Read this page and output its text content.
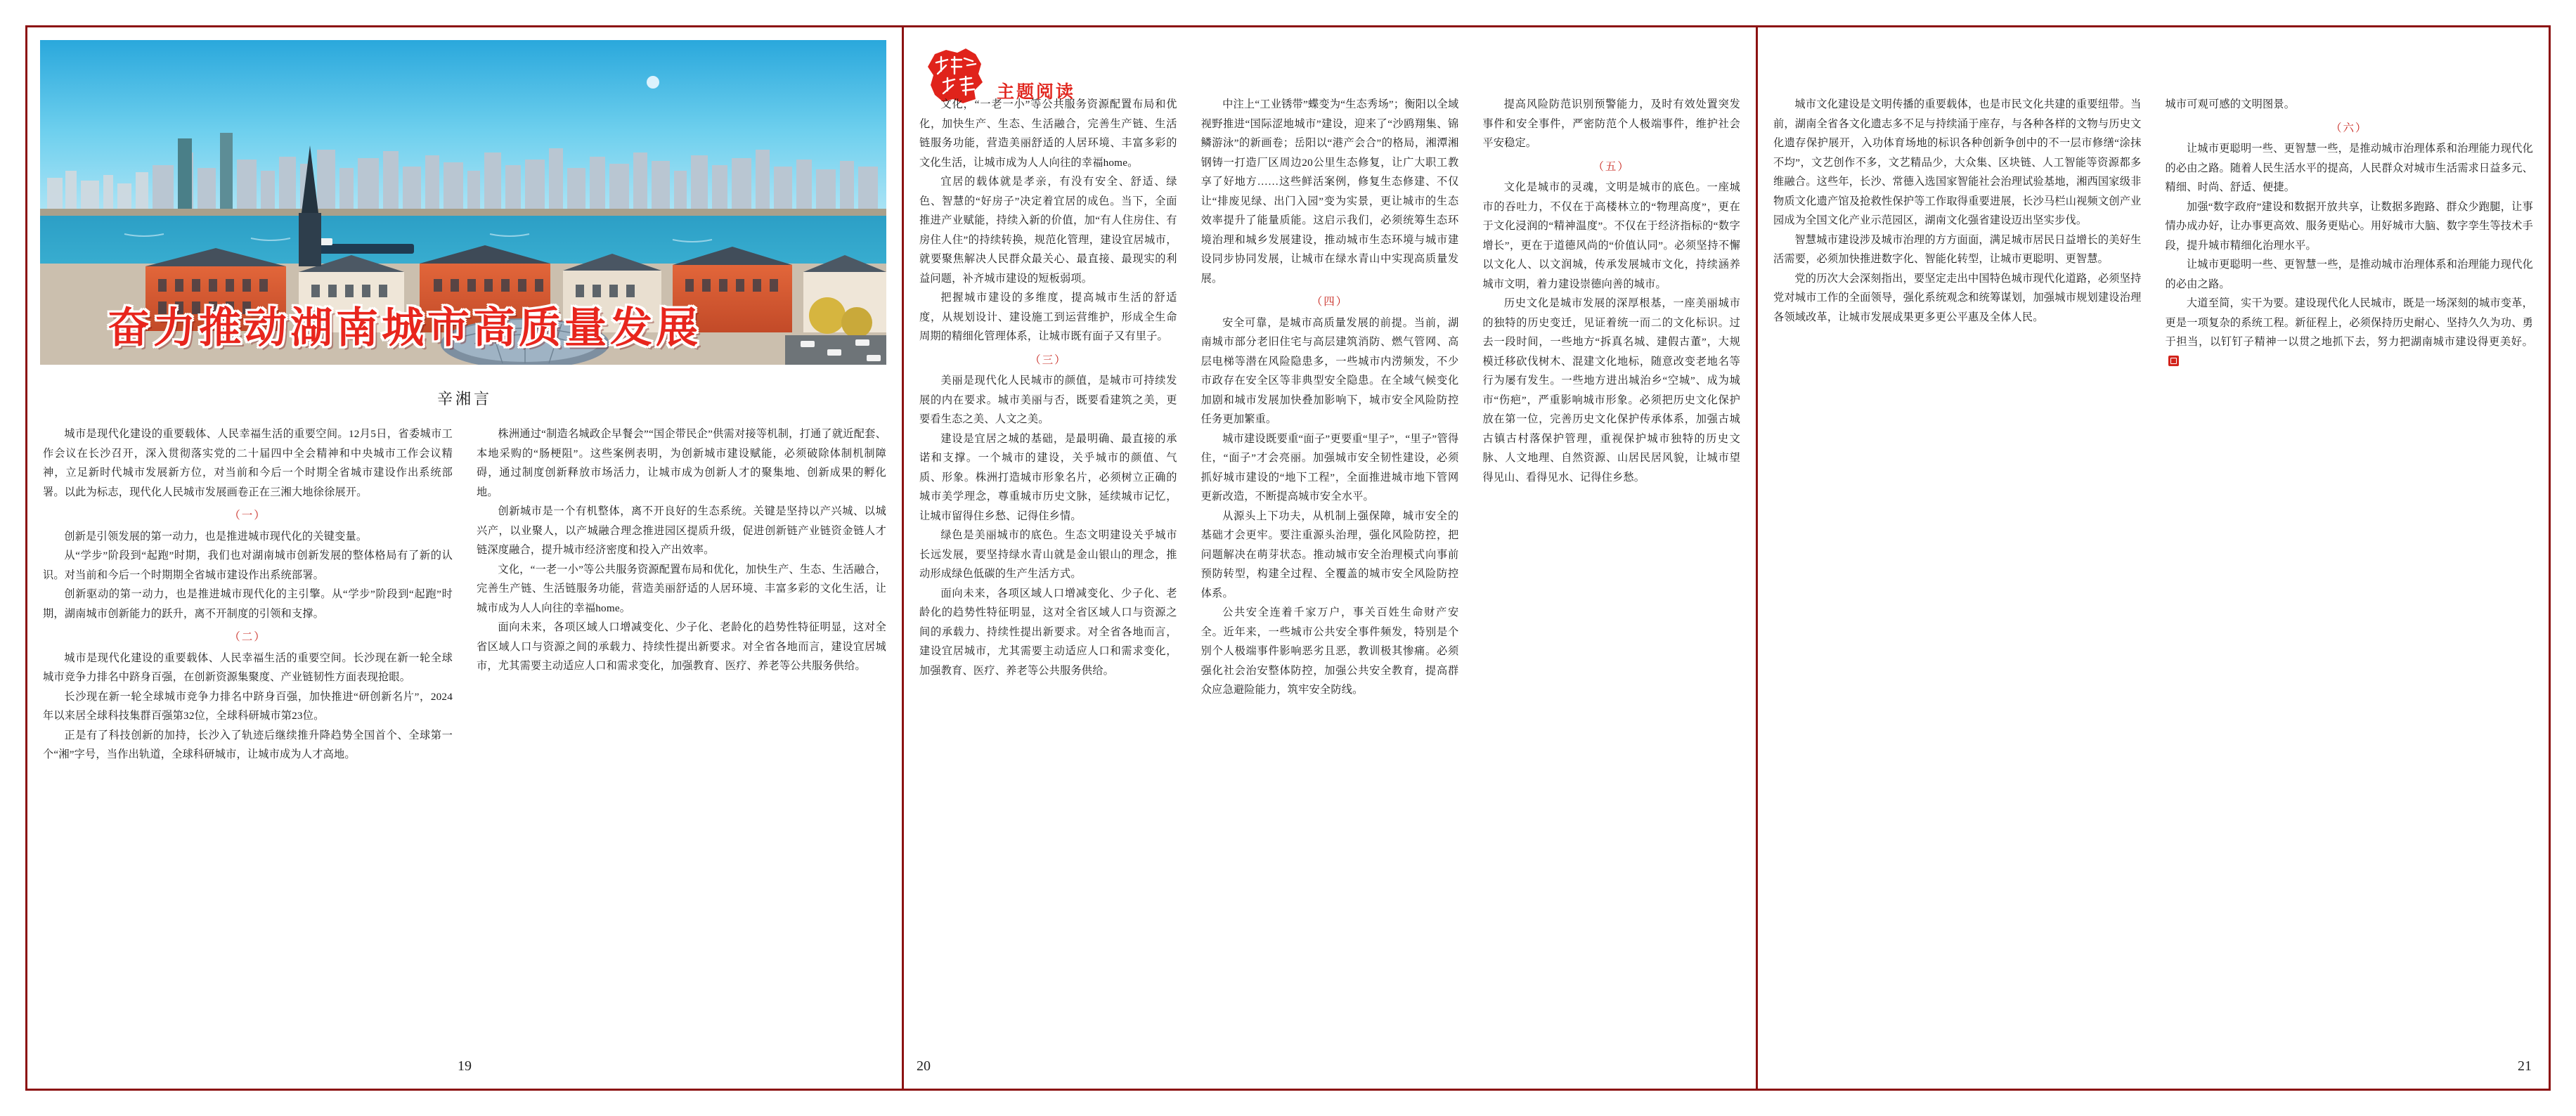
奋力推动湖南城市高质量发展
辛湘言

城市是现代化建设的重要载体、人民幸福生活的重要空间。12月5日，省委城市工作会议在长沙召开，深入贯彻落实党的二十届四中全会精神和中央城市工作会议精神，立足新时代城市发展新方位，对当前和今后一个时期全省城市建设作出系统部署。以此为标志，现代化人民城市发展画卷正在三湘大地徐徐展开。

（一）

创新是引领发展的第一动力，也是推进城市现代化的关键变量。

从“学步”阶段到“起跑”时期，我们也对湖南城市创新发展的整体格局有了新的认识。对当前和今后一个时期期全省城市建设作出系统部署。

创新驱动的第一动力，也是推进城市现代化的主引擎。从“学步”阶段到“起跑”时期，湖南城市创新能力的跃升，离不开制度的引领和支撑。

（二）

城市是现代化建设的重要载体、人民幸福生活的重要空间。长沙现在新一轮全球城市竞争力排名中跻身百强，在创新资源集聚度、产业链韧性方面表现抢眼。

长沙现在新一轮全球城市竞争力排名中跻身百强，加快推进“研创新名片”，2024年以来居全球科技集群百强第32位，全球科研城市第23位。

正是有了科技创新的加持，长沙入了轨迹后继续推升降趋势全国首个、全球第一个“湘”字号，当作出轨道，全球科研城市，让城市成为人才高地。

株洲通过“制造名城政企早餐会”“国企带民企”供需对接等机制，打通了就近配套、本地采购的“肠梗阻”。这些案例表明，为创新城市建设赋能，必须破除体制机制障碍，通过制度创新释放市场活力，让城市成为创新人才的聚集地、创新成果的孵化地。

创新城市是一个有机整体，离不开良好的生态系统。关键是坚持以产兴城、以城兴产，以业聚人，以产城融合理念推进园区提质升级，促进创新链产业链资金链人才链深度融合，提升城市经济密度和投入产出效率。

文化，“一老一小”等公共服务资源配置布局和优化，加快生产、生态、生活融合，完善生产链、生活链服务功能，营造美丽舒适的人居环境、丰富多彩的文化生活，让城市成为人人向往的幸福home。

面向未来，各项区域人口增减变化、少子化、老龄化的趋势性特征明显，这对全省区域人口与资源之间的承载力、持续性提出新要求。对全省各地而言，建设宜居城市，尤其需要主动适应人口和需求变化，加强教育、医疗、养老等公共服务供给。

19
主题阅读

文化，“一老一小”等公共服务资源配置布局和优化，加快生产、生态、生活融合，完善生产链、生活链服务功能，营造美丽舒适的人居环境、丰富多彩的文化生活，让城市成为人人向往的幸福home。

宜居的载体就是孝亲，有没有安全、舒适、绿色、智慧的“好房子”决定着宜居的成色。当下，全面推进产业赋能，持续入新的价值，加“有人住房住、有房住人住”的持续转换，规范化管理，建设宜居城市，就要聚焦解决人民群众最关心、最直接、最现实的利益问题，补齐城市建设的短板弱项。

把握城市建设的多维度，提高城市生活的舒适度，从规划设计、建设施工到运营维护，形成全生命周期的精细化管理体系，让城市既有面子又有里子。

（三）

美丽是现代化人民城市的颜值，是城市可持续发展的内在要求。城市美丽与否，既要看建筑之美，更要看生态之美、人文之美。

建设是宜居之城的基础，是最明确、最直接的承诺和支撑。一个城市的建设，关乎城市的颜值、气质、形象。株洲打造城市形象名片，必须树立正确的城市美学理念，尊重城市历史文脉，延续城市记忆，让城市留得住乡愁、记得住乡情。

绿色是美丽城市的底色。生态文明建设关乎城市长远发展，要坚持绿水青山就是金山银山的理念，推动形成绿色低碳的生产生活方式。

面向未来，各项区域人口增减变化、少子化、老龄化的趋势性特征明显，这对全省区域人口与资源之间的承载力、持续性提出新要求。对全省各地而言，建设宜居城市，尤其需要主动适应人口和需求变化，加强教育、医疗、养老等公共服务供给。

中注上“工业锈带”蝶变为“生态秀场”；衡阳以全域视野推进“国际涩地城市”建设，迎来了“沙鸥翔集、锦鳞游泳”的新画卷；岳阳以“港产会合”的格局，湘潭湘钢铸一打造厂区周边20公里生态修复，让广大职工教享了好地方……这些鲜活案例，修复生态修建、不仅让“排废见绿、出门入园”变为实景，更让城市的生态效率提升了能量质能。这启示我们，必须统筹生态环境治理和城乡发展建设，推动城市生态环境与城市建设同步协同发展，让城市在绿水青山中实现高质量发展。

（四）

安全可靠，是城市高质量发展的前提。当前，湖南城市部分老旧住宅与高层建筑消防、燃气管网、高层电梯等潜在风险隐患多，一些城市内涝频发，不少市政存在安全区等非典型安全隐患。在全域气候变化加剧和城市发展加快叠加影响下，城市安全风险防控任务更加繁重。

城市建设既要重“面子”更要重“里子”，“里子”管得住，“面子”才会亮丽。加强城市安全韧性建设，必须抓好城市建设的“地下工程”，全面推进城市地下管网更新改造，不断提高城市安全水平。

从源头上下功夫，从机制上强保障，城市安全的基础才会更牢。要注重源头治理，强化风险防控，把问题解决在萌芽状态。推动城市安全治理模式向事前预防转型，构建全过程、全覆盖的城市安全风险防控体系。

公共安全连着千家万户，事关百姓生命财产安全。近年来，一些城市公共安全事件频发，特别是个别个人极端事件影响恶劣且恶，教训极其惨痛。必须强化社会治安整体防控，加强公共安全教育，提高群众应急避险能力，筑牢安全防线。

提高风险防范识别预警能力，及时有效处置突发事件和安全事件，严密防范个人极端事件，维护社会平安稳定。

（五）

文化是城市的灵魂，文明是城市的底色。一座城市的吞吐力，不仅在于高楼林立的“物理高度”，更在于文化浸润的“精神温度”。不仅在于经济指标的“数字增长”，更在于道德风尚的“价值认同”。必须坚持不懈以文化人、以文润城，传承发展城市文化，持续涵养城市文明，着力建设崇德向善的城市。

历史文化是城市发展的深厚根基，一座美丽城市的独特的历史变迁，见证着统一而二的文化标识。过去一段时间，一些地方“拆真名城、建假古董”，大规模迁移砍伐树木、混建文化地标，随意改变老地名等行为屡有发生。一些地方进出城治乡“空城”、成为城市“伤疤”，严重影响城市形象。必须把历史文化保护放在第一位，完善历史文化保护传承体系，加强古城古镇古村落保护管理，重视保护城市独特的历史文脉、人文地理、自然资源、山居民居风貌，让城市望得见山、看得见水、记得住乡愁。

20

城市文化建设是文明传播的重要载体，也是市民文化共建的重要纽带。当前，湖南全省各文化遗志多不足与持续涌于座存，与各种各样的文物与历史文化遗存保护展开，入功体育场地的标识各种创新争创中的不一层市修缮“涂抹不均”，文艺创作不多，文艺精品少，大众集、区块链、人工智能等资源都多维融合。这些年，长沙、常德入选国家智能社会治理试验基地，湘西国家级非物质文化遗产馆及抢救性保护等工作取得重要进展，长沙马栏山视频文创产业园成为全国文化产业示范园区，湖南文化强省建设迈出坚实步伐。

智慧城市建设涉及城市治理的方方面面，满足城市居民日益增长的美好生活需要，必须加快推进数字化、智能化转型，让城市更聪明、更智慧。

党的历次大会深刻指出，要坚定走出中国特色城市现代化道路，必须坚持党对城市工作的全面领导，强化系统观念和统筹谋划，加强城市规划建设治理各领域改革，让城市发展成果更多更公平惠及全体人民。

城市可观可感的文明图景。

（六）

让城市更聪明一些、更智慧一些，是推动城市治理体系和治理能力现代化的必由之路。随着人民生活水平的提高，人民群众对城市生活需求日益多元、精细、时尚、舒适、便捷。

加强“数字政府”建设和数据开放共享，让数据多跑路、群众少跑腿，让事情办成办好，让办事更高效、服务更贴心。用好城市大脑、数字孪生等技术手段，提升城市精细化治理水平。

让城市更聪明一些、更智慧一些，是推动城市治理体系和治理能力现代化的必由之路。

大道至简，实干为要。建设现代化人民城市，既是一场深刻的城市变革，更是一项复杂的系统工程。新征程上，必须保持历史耐心、坚持久久为功、勇于担当，以钉钉子精神一以贯之地抓下去，努力把湖南城市建设得更美好。

21
